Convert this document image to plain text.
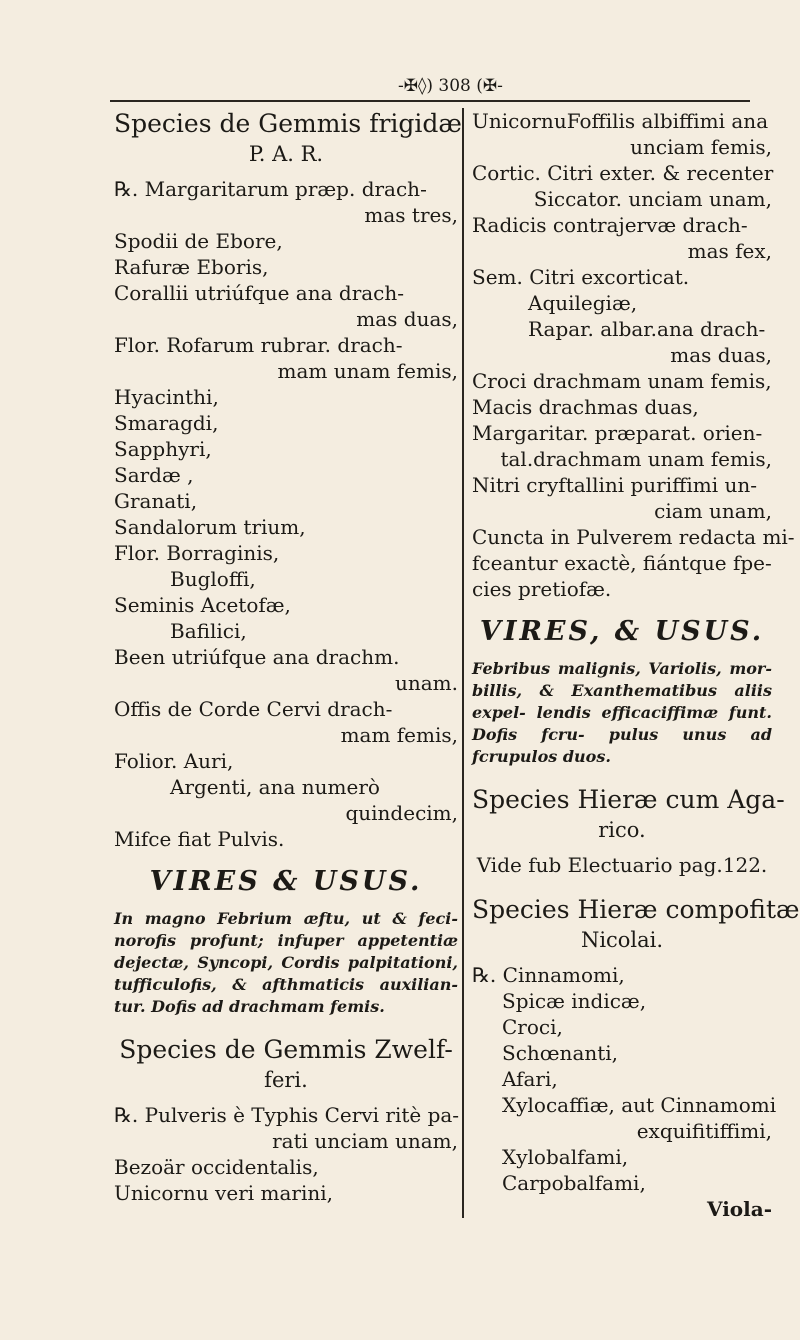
-✠◊) 308 (✠-
Species de Gemmis frigidæ
P. A. R.
℞. Margaritarum præp. drach-
mas tres,
Spodii de Ebore,
Rafuræ Eboris,
Corallii utriúfque ana drach-
mas duas,
Flor. Rofarum rubrar. drach-
mam unam femis,
Hyacinthi,
Smaragdi,
Sapphyri,
Sardæ ,
Granati,
Sandalorum trium,
Flor. Borraginis,
Bugloffi,
Seminis Acetofæ,
Bafilici,
Been utriúfque ana drachm.
unam.
Offis de Corde Cervi drach-
mam femis,
Folior. Auri,
Argenti, ana numerò
quindecim,
Mifce fiat Pulvis.
VIRES & USUS.
In magno Febrium æftu, ut & feci- norofis profunt; infuper appetentiæ dejectæ, Syncopi, Cordis palpitationi, tufficulofis, & afthmaticis auxilian- tur. Dofis ad drachmam femis.
Species de Gemmis Zwelf-
feri.
℞. Pulveris è Typhis Cervi ritè pa-
rati unciam unam,
Bezoär occidentalis,
Unicornu veri marini,
UnicornuFoffilis albiffimi ana
unciam femis,
Cortic. Citri exter. & recenter
Siccator. unciam unam,
Radicis contrajervæ drach-
mas fex,
Sem. Citri excorticat.
Aquilegiæ,
Rapar. albar.ana drach-
mas duas,
Croci drachmam unam femis,
Macis drachmas duas,
Margaritar. præparat. orien-
tal.drachmam unam femis,
Nitri cryftallini puriffimi un-
ciam unam,
Cuncta in Pulverem redacta mi-
fceantur exactè, fiántque fpe-
cies pretiofæ.
VIRES, & USUS.
Febribus malignis, Variolis, mor- billis, & Exanthematibus aliis expel- lendis efficaciffimæ funt. Dofis fcru- pulus unus ad fcrupulos duos.
Species Hieræ cum Aga-
rico.
Vide fub Electuario pag.122.
Species Hieræ compofitæ
Nicolai.
℞. Cinnamomi,
Spicæ indicæ,
Croci,
Schœnanti,
Afari,
Xylocaffiæ, aut Cinnamomi
exquifitiffimi,
Xylobalfami,
Carpobalfami,
Viola-
